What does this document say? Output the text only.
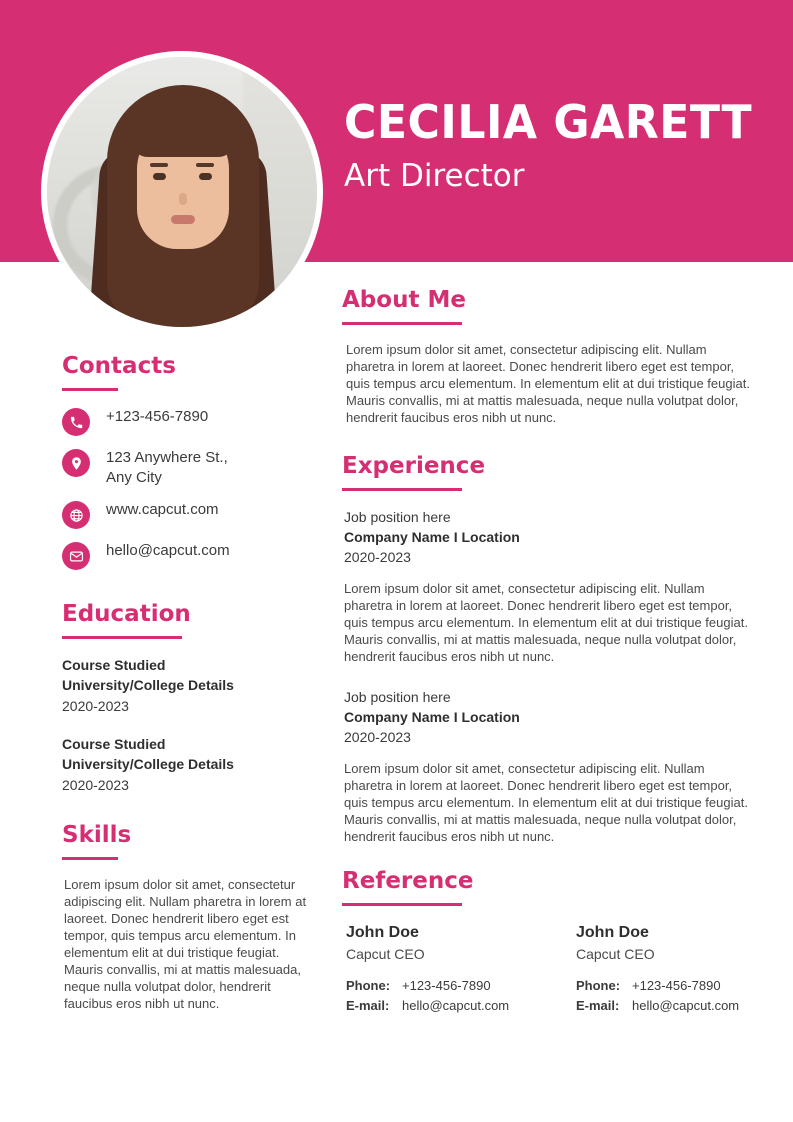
CECILIA GARETT
Art Director
Contacts
+123-456-7890
123 Anywhere St.,
Any City
www.capcut.com
hello@capcut.com
Education
Course Studied
University/College Details
2020-2023
Course Studied
University/College Details
2020-2023
Skills

Lorem ipsum dolor sit amet, consectetur adipiscing elit. Nullam pharetra in lorem at laoreet. Donec hendrerit libero eget est tempor, quis tempus arcu elementum. In elementum elit at dui tristique feugiat. Mauris convallis, mi at mattis malesuada, neque nulla volutpat dolor, hendrerit faucibus eros nibh ut nunc.

About Me

Lorem ipsum dolor sit amet, consectetur adipiscing elit. Nullam pharetra in lorem at laoreet. Donec hendrerit libero eget est tempor, quis tempus arcu elementum. In elementum elit at dui tristique feugiat. Mauris convallis, mi at mattis malesuada, neque nulla volutpat dolor, hendrerit faucibus eros nibh ut nunc.

Experience
Job position here
Company Name I Location
2020-2023

Lorem ipsum dolor sit amet, consectetur adipiscing elit. Nullam pharetra in lorem at laoreet. Donec hendrerit libero eget est tempor, quis tempus arcu elementum. In elementum elit at dui tristique feugiat. Mauris convallis, mi at mattis malesuada, neque nulla volutpat dolor, hendrerit faucibus eros nibh ut nunc.

Job position here
Company Name I Location
2020-2023

Lorem ipsum dolor sit amet, consectetur adipiscing elit. Nullam pharetra in lorem at laoreet. Donec hendrerit libero eget est tempor, quis tempus arcu elementum. In elementum elit at dui tristique feugiat. Mauris convallis, mi at mattis malesuada, neque nulla volutpat dolor, hendrerit faucibus eros nibh ut nunc.

Reference
John Doe
Capcut CEO
Phone: +123-456-7890
E-mail: hello@capcut.com
John Doe
Capcut CEO
Phone: +123-456-7890
E-mail: hello@capcut.com
